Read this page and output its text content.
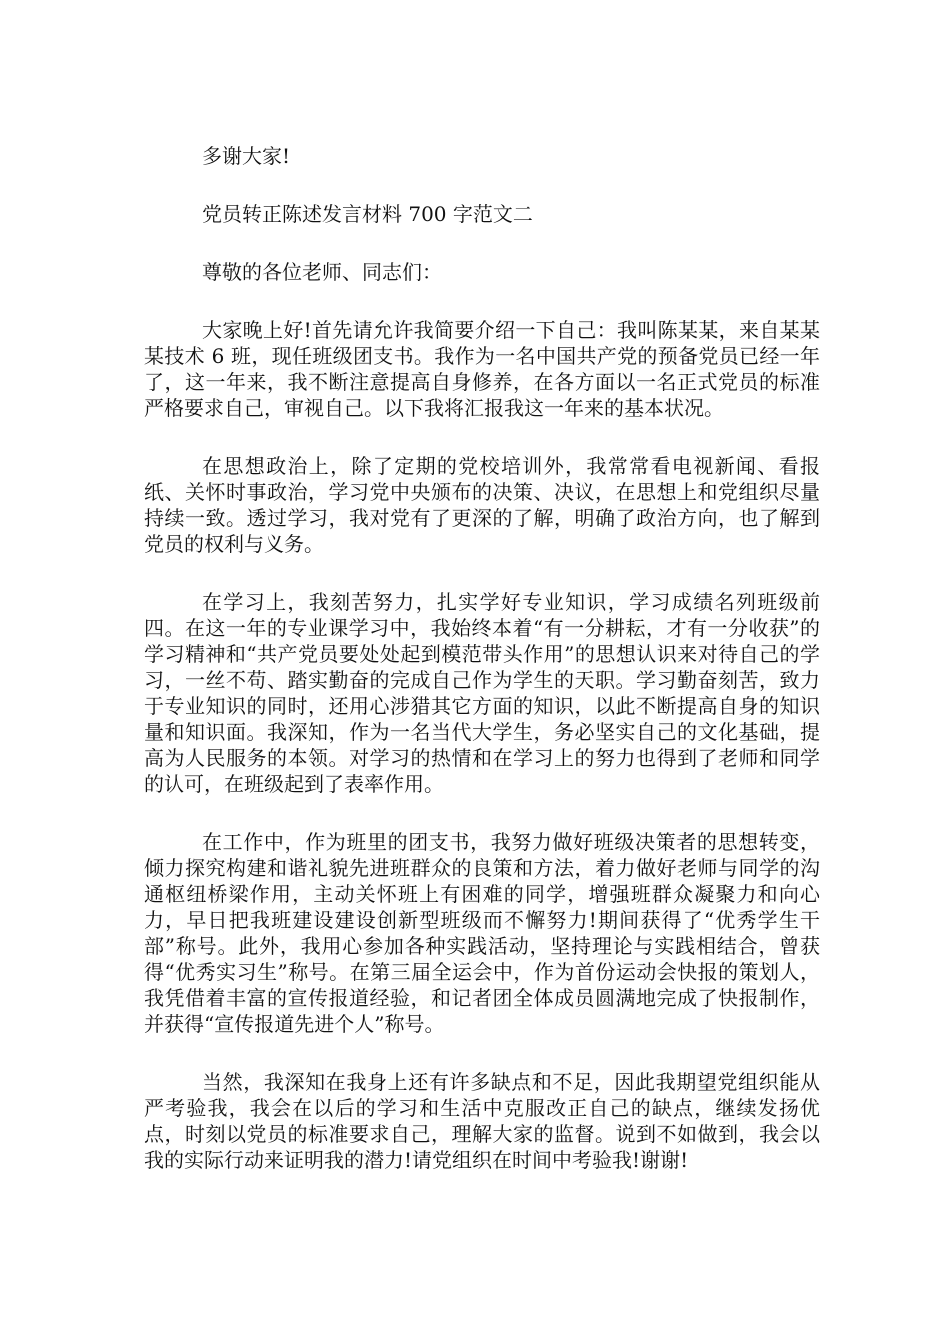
多谢大家!

党员转正陈述发言材料 700 字范文二

尊敬的各位老师、同志们：

大家晚上好!首先请允许我简要介绍一下自己：我叫陈某某，来自某某某技术 6 班，现任班级团支书。我作为一名中国共产党的预备党员已经一年了，这一年来，我不断注意提高自身修养，在各方面以一名正式党员的标准严格要求自己，审视自己。以下我将汇报我这一年来的基本状况。

在思想政治上，除了定期的党校培训外，我常常看电视新闻、看报纸、关怀时事政治，学习党中央颁布的决策、决议，在思想上和党组织尽量持续一致。透过学习，我对党有了更深的了解，明确了政治方向，也了解到党员的权利与义务。

在学习上，我刻苦努力，扎实学好专业知识，学习成绩名列班级前四。在这一年的专业课学习中，我始终本着“有一分耕耘，才有一分收获”的学习精神和“共产党员要处处起到模范带头作用”的思想认识来对待自己的学习，一丝不苟、踏实勤奋的完成自己作为学生的天职。学习勤奋刻苦，致力于专业知识的同时，还用心涉猎其它方面的知识，以此不断提高自身的知识量和知识面。我深知，作为一名当代大学生，务必坚实自己的文化基础，提高为人民服务的本领。对学习的热情和在学习上的努力也得到了老师和同学的认可，在班级起到了表率作用。

在工作中，作为班里的团支书，我努力做好班级决策者的思想转变，倾力探究构建和谐礼貌先进班群众的良策和方法，着力做好老师与同学的沟通枢纽桥梁作用，主动关怀班上有困难的同学，增强班群众凝聚力和向心力，早日把我班建设建设创新型班级而不懈努力!期间获得了“优秀学生干部”称号。此外，我用心参加各种实践活动，坚持理论与实践相结合，曾获得“优秀实习生”称号。在第三届全运会中，作为首份运动会快报的策划人，我凭借着丰富的宣传报道经验，和记者团全体成员圆满地完成了快报制作，并获得“宣传报道先进个人”称号。

当然，我深知在我身上还有许多缺点和不足，因此我期望党组织能从严考验我，我会在以后的学习和生活中克服改正自己的缺点，继续发扬优点，时刻以党员的标准要求自己，理解大家的监督。说到不如做到，我会以我的实际行动来证明我的潜力!请党组织在时间中考验我!谢谢!
